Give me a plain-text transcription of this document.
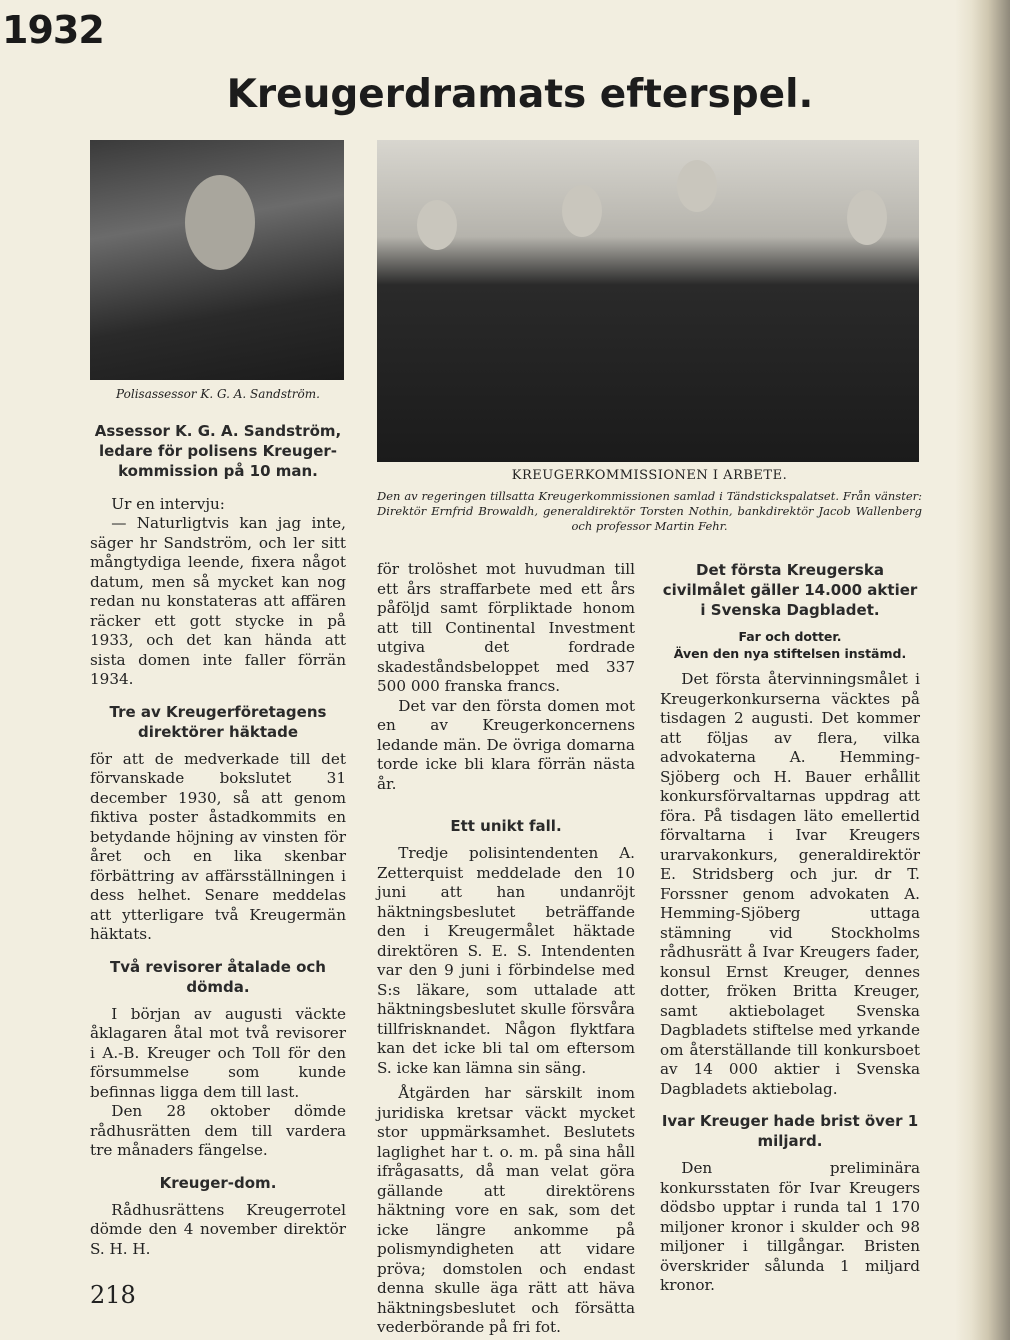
1932
Kreugerdramats efterspel.
KREUGERKOMMISSIONEN I ARBETE.
Den av regeringen tillsatta Kreugerkommissionen samlad i Tändstickspalatset. Från vänster: Direktör Ernfrid Browaldh, generaldirektör Torsten Nothin, bankdirektör Jacob Wallenberg och professor Martin Fehr.
Polisassessor K. G. A. Sandström.
Assessor K. G. A. Sandström, ledare för polisens Kreuger-kommission på 10 man.

Ur en intervju:

— Naturligtvis kan jag inte, säger hr Sandström, och ler sitt mångtydiga leende, fixera något datum, men så mycket kan nog redan nu konstateras att affären räcker ett gott stycke in på 1933, och det kan hända att sista domen inte faller förrän 1934.

Tre av Kreugerföretagens direktörer häktade

för att de medverkade till det förvanskade bokslutet 31 december 1930, så att genom fiktiva poster åstadkommits en betydande höjning av vinsten för året och en lika skenbar förbättring av affärsställningen i dess helhet. Senare meddelas att ytterligare två Kreugermän häktats.

Två revisorer åtalade och dömda.

I början av augusti väckte åklagaren åtal mot två revisorer i A.-B. Kreuger och Toll för den försummelse som kunde befinnas ligga dem till last.

Den 28 oktober dömde rådhusrätten dem till vardera tre månaders fängelse.

Kreuger-dom.

Rådhusrättens Kreugerrotel dömde den 4 november direktör S. H. H.

218

för trolöshet mot huvudman till ett års straffarbete med ett års påföljd samt förpliktade honom att till Continental Investment utgiva det fordrade skadeståndsbeloppet med 337 500 000 franska francs.

Det var den första domen mot en av Kreugerkoncernens ledande män. De övriga domarna torde icke bli klara förrän nästa år.

Ett unikt fall.

Tredje polisintendenten A. Zetterquist meddelade den 10 juni att han undanröjt häktningsbeslutet beträffande den i Kreugermålet häktade direktören S. E. S. Intendenten var den 9 juni i förbindelse med S:s läkare, som uttalade att häktningsbeslutet skulle försvåra tillfrisknandet. Någon flyktfara kan det icke bli tal om eftersom S. icke kan lämna sin säng.

Åtgärden har särskilt inom juridiska kretsar väckt mycket stor uppmärksamhet. Beslutets laglighet har t. o. m. på sina håll ifrågasatts, då man velat göra gällande att direktörens häktning vore en sak, som det icke längre ankomme på polismyndigheten att vidare pröva; domstolen och endast denna skulle äga rätt att häva häktningsbeslutet och försätta vederbörande på fri fot.

Det första Kreugerska civilmålet gäller 14.000 aktier i Svenska Dagbladet.
Far och dotter.
Även den nya stiftelsen instämd.

Det första återvinningsmålet i Kreugerkonkurserna väcktes på tisdagen 2 augusti. Det kommer att följas av flera, vilka advokaterna A. Hemming-Sjöberg och H. Bauer erhållit konkursförvaltarnas uppdrag att föra. På tisdagen läto emellertid förvaltarna i Ivar Kreugers urarvakonkurs, generaldirektör E. Stridsberg och jur. dr T. Forssner genom advokaten A. Hemming-Sjöberg uttaga stämning vid Stockholms rådhusrätt å Ivar Kreugers fader, konsul Ernst Kreuger, dennes dotter, fröken Britta Kreuger, samt aktiebolaget Svenska Dagbladets stiftelse med yrkande om återställande till konkursboet av 14 000 aktier i Svenska Dagbladets aktiebolag.

Ivar Kreuger hade brist över 1 miljard.

Den preliminära konkursstaten för Ivar Kreugers dödsbo upptar i runda tal 1 170 miljoner kronor i skulder och 98 miljoner i tillgångar. Bristen överskrider sålunda 1 miljard kronor.
